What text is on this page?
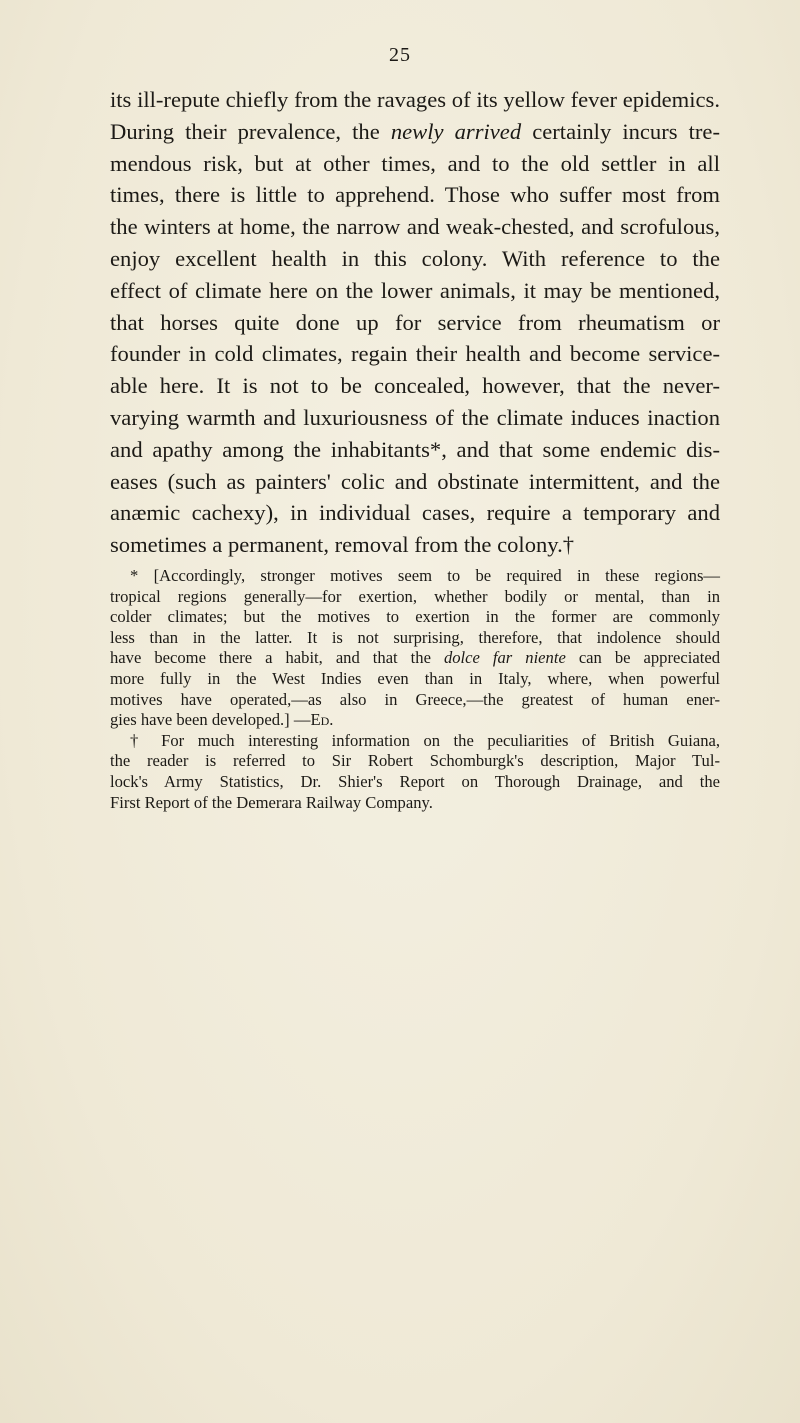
25
its ill-repute chiefly from the ravages of its yellow fever epidemics.
During their prevalence, the newly arrived certainly incurs tre-
mendous risk, but at other times, and to the old settler in all
times, there is little to apprehend. Those who suffer most from
the winters at home, the narrow and weak-chested, and scrofulous,
enjoy excellent health in this colony. With reference to the
effect of climate here on the lower animals, it may be mentioned,
that horses quite done up for service from rheumatism or
founder in cold climates, regain their health and become service-
able here. It is not to be concealed, however, that the never-
varying warmth and luxuriousness of the climate induces inaction
and apathy among the inhabitants*, and that some endemic dis-
eases (such as painters' colic and obstinate intermittent, and the
anæmic cachexy), in individual cases, require a temporary and
sometimes a permanent, removal from the colony.†
* [Accordingly, stronger motives seem to be required in these regions—
tropical regions generally—for exertion, whether bodily or mental, than in
colder climates; but the motives to exertion in the former are commonly
less than in the latter. It is not surprising, therefore, that indolence should
have become there a habit, and that the dolce far niente can be appreciated
more fully in the West Indies even than in Italy, where, when powerful
motives have operated,—as also in Greece,—the greatest of human ener-
gies have been developed.] —Ed.
† For much interesting information on the peculiarities of British Guiana,
the reader is referred to Sir Robert Schomburgk's description, Major Tul-
lock's Army Statistics, Dr. Shier's Report on Thorough Drainage, and the
First Report of the Demerara Railway Company.
